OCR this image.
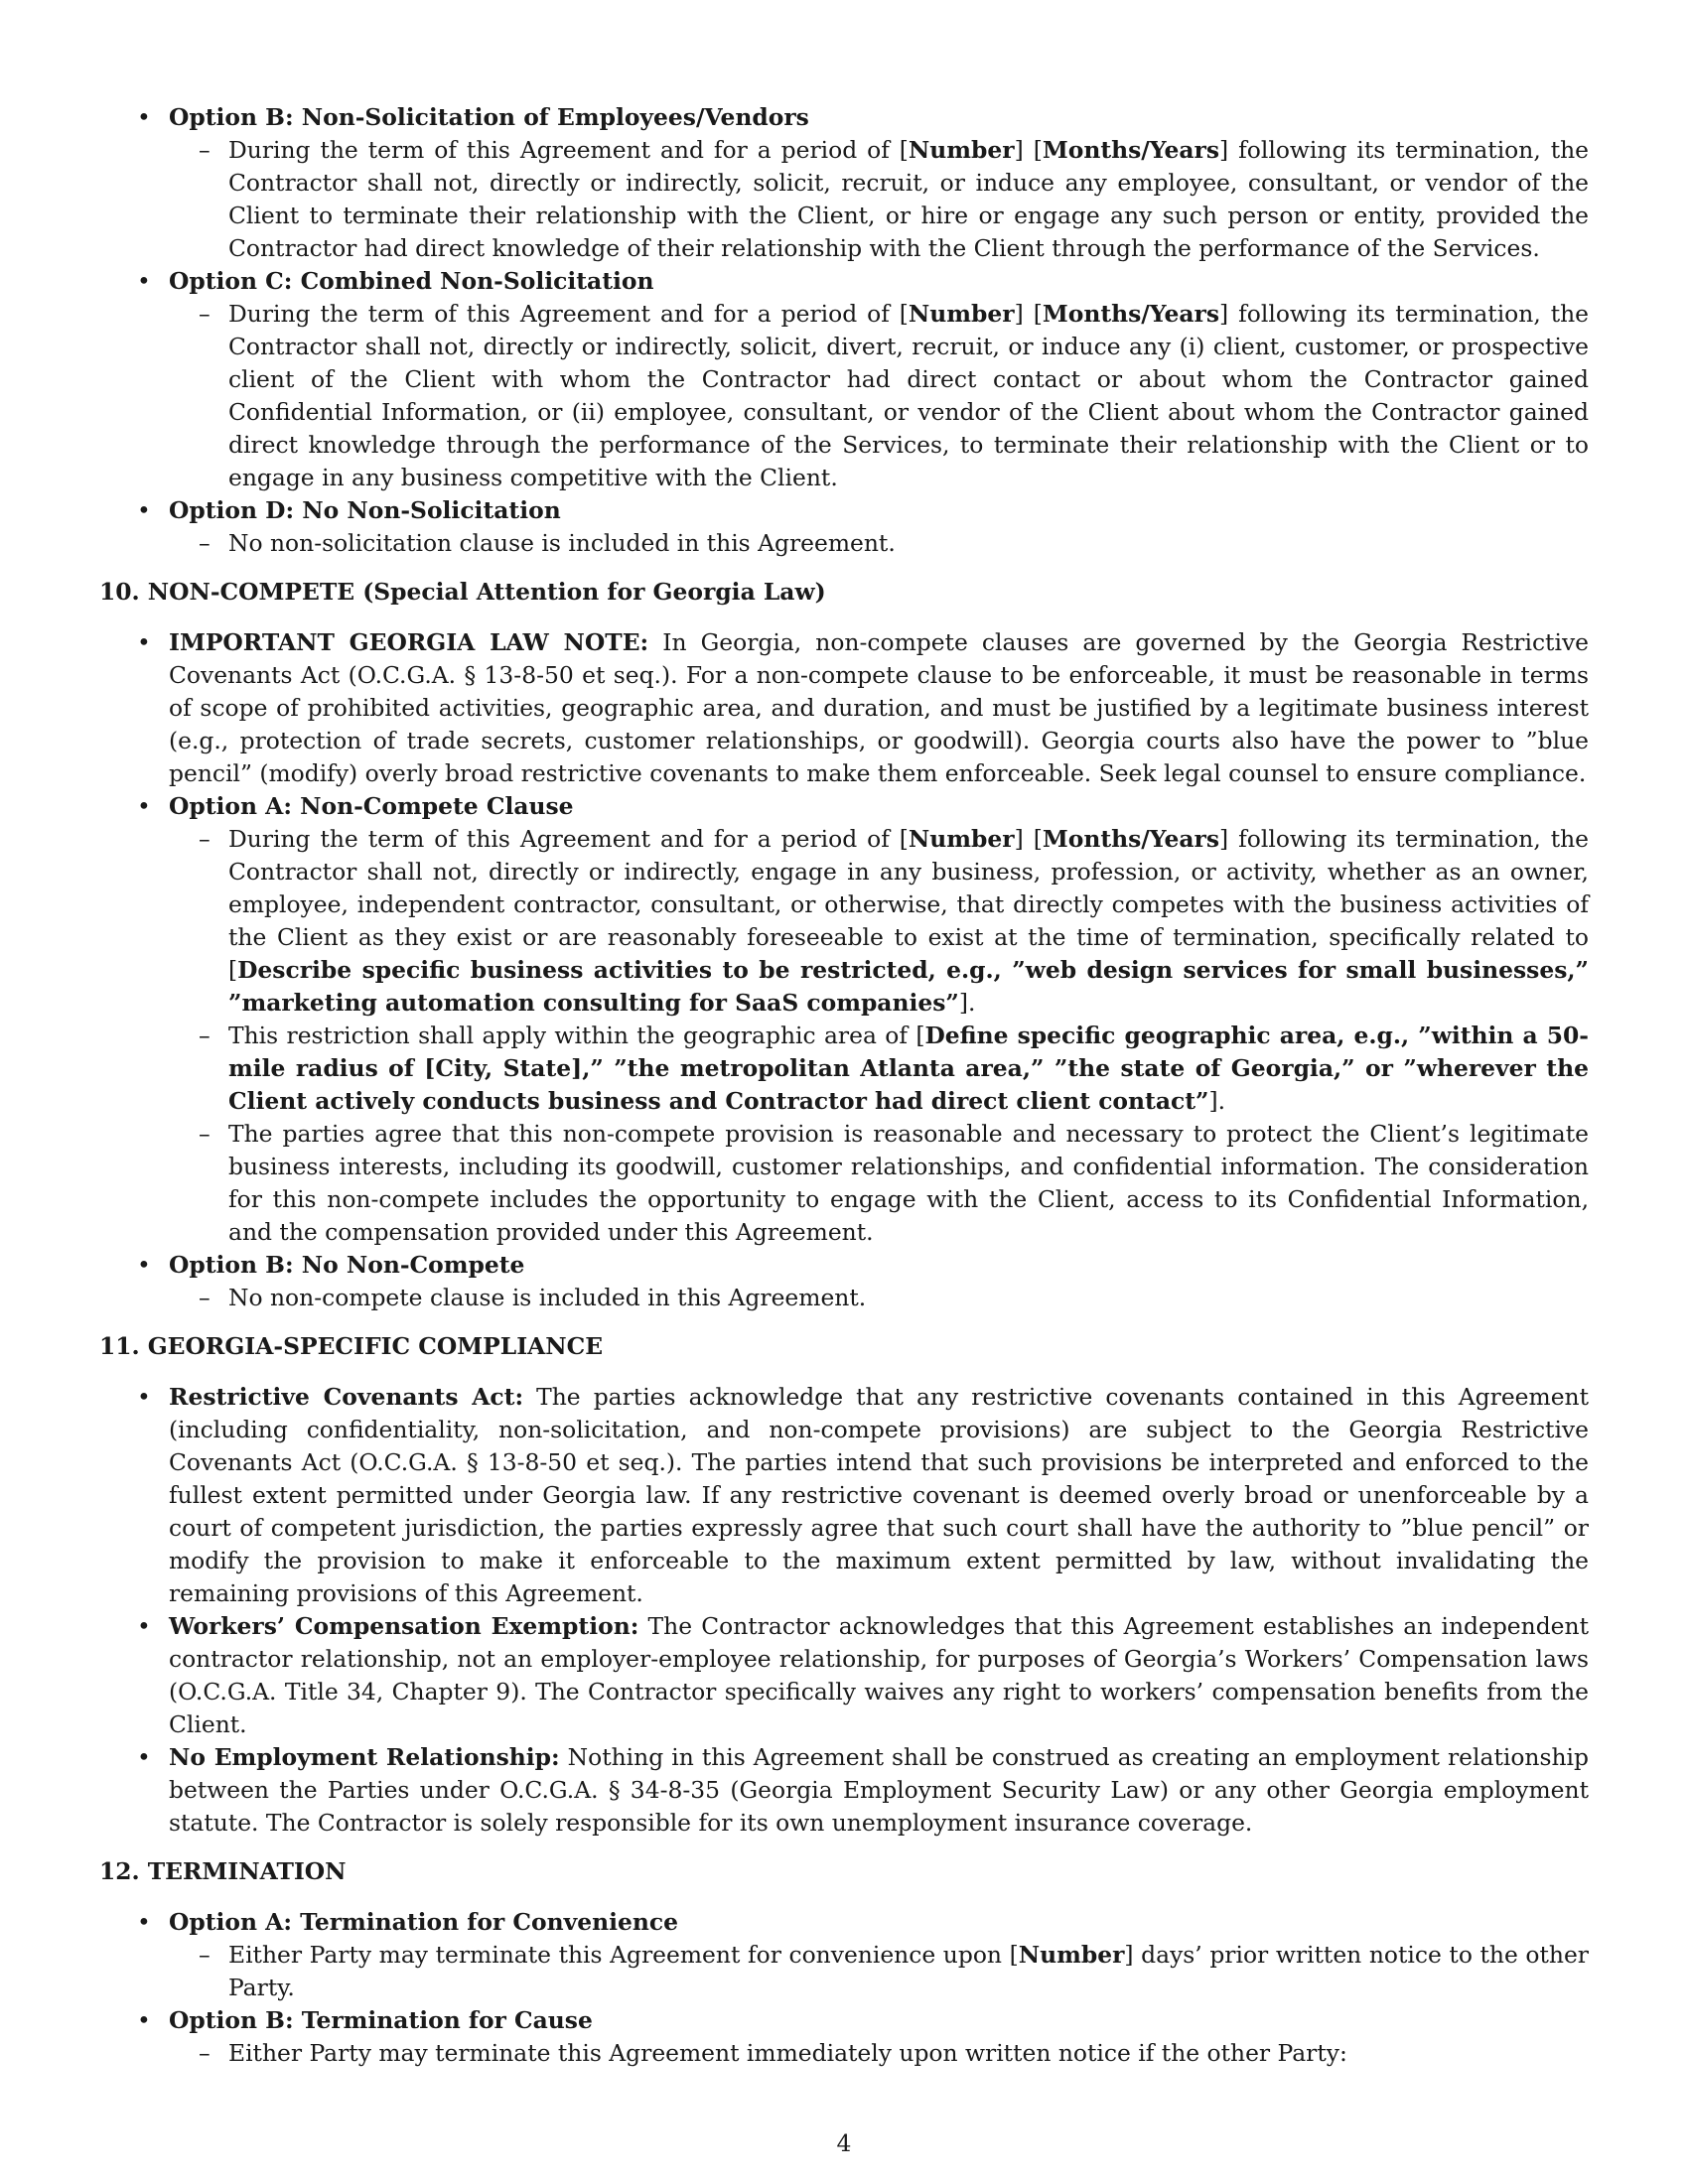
• Option B: Non-Solicitation of Employees/Vendors
– During the term of this Agreement and for a period of [Number] [Months/Years] following its termination, the Contractor shall not, directly or indirectly, solicit, recruit, or induce any employee, consultant, or vendor of the Client to terminate their relationship with the Client, or hire or engage any such person or entity, provided the Contractor had direct knowledge of their relationship with the Client through the performance of the Services.
• Option C: Combined Non-Solicitation
– During the term of this Agreement and for a period of [Number] [Months/Years] following its termination, the Contractor shall not, directly or indirectly, solicit, divert, recruit, or induce any (i) client, customer, or prospective client of the Client with whom the Contractor had direct contact or about whom the Contractor gained Confidential Information, or (ii) employee, consultant, or vendor of the Client about whom the Contractor gained direct knowledge through the performance of the Services, to terminate their relationship with the Client or to engage in any business competitive with the Client.
• Option D: No Non-Solicitation
– No non-solicitation clause is included in this Agreement.
10. NON-COMPETE (Special Attention for Georgia Law)
• IMPORTANT GEORGIA LAW NOTE: In Georgia, non-compete clauses are governed by the Georgia Restrictive Covenants Act (O.C.G.A. § 13-8-50 et seq.). For a non-compete clause to be enforceable, it must be reasonable in terms of scope of prohibited activities, geographic area, and duration, and must be justified by a legitimate business interest (e.g., protection of trade secrets, customer relationships, or goodwill). Georgia courts also have the power to ”blue pencil” (modify) overly broad restrictive covenants to make them enforceable. Seek legal counsel to ensure compliance.
• Option A: Non-Compete Clause
– During the term of this Agreement and for a period of [Number] [Months/Years] following its termination, the Contractor shall not, directly or indirectly, engage in any business, profession, or activity, whether as an owner, employee, independent contractor, consultant, or otherwise, that directly competes with the business activities of the Client as they exist or are reasonably foreseeable to exist at the time of termination, specifically related to [Describe specific business activities to be restricted, e.g., ”web design services for small businesses,” ”marketing automation consulting for SaaS companies”].
– This restriction shall apply within the geographic area of [Define specific geographic area, e.g., ”within a 50-mile radius of [City, State],” ”the metropolitan Atlanta area,” ”the state of Georgia,” or ”wherever the Client actively conducts business and Contractor had direct client contact”].
– The parties agree that this non-compete provision is reasonable and necessary to protect the Client’s legitimate business interests, including its goodwill, customer relationships, and confidential information. The consideration for this non-compete includes the opportunity to engage with the Client, access to its Confidential Information, and the compensation provided under this Agreement.
• Option B: No Non-Compete
– No non-compete clause is included in this Agreement.
11. GEORGIA-SPECIFIC COMPLIANCE
• Restrictive Covenants Act: The parties acknowledge that any restrictive covenants contained in this Agreement (including confidentiality, non-solicitation, and non-compete provisions) are subject to the Georgia Restrictive Covenants Act (O.C.G.A. § 13-8-50 et seq.). The parties intend that such provisions be interpreted and enforced to the fullest extent permitted under Georgia law. If any restrictive covenant is deemed overly broad or unenforceable by a court of competent jurisdiction, the parties expressly agree that such court shall have the authority to ”blue pencil” or modify the provision to make it enforceable to the maximum extent permitted by law, without invalidating the remaining provisions of this Agreement.
• Workers’ Compensation Exemption: The Contractor acknowledges that this Agreement establishes an independent contractor relationship, not an employer-employee relationship, for purposes of Georgia’s Workers’ Compensation laws (O.C.G.A. Title 34, Chapter 9). The Contractor specifically waives any right to workers’ compensation benefits from the Client.
• No Employment Relationship: Nothing in this Agreement shall be construed as creating an employment relationship between the Parties under O.C.G.A. § 34-8-35 (Georgia Employment Security Law) or any other Georgia employment statute. The Contractor is solely responsible for its own unemployment insurance coverage.
12. TERMINATION
• Option A: Termination for Convenience
– Either Party may terminate this Agreement for convenience upon [Number] days’ prior written notice to the other Party.
• Option B: Termination for Cause
– Either Party may terminate this Agreement immediately upon written notice if the other Party:
4
